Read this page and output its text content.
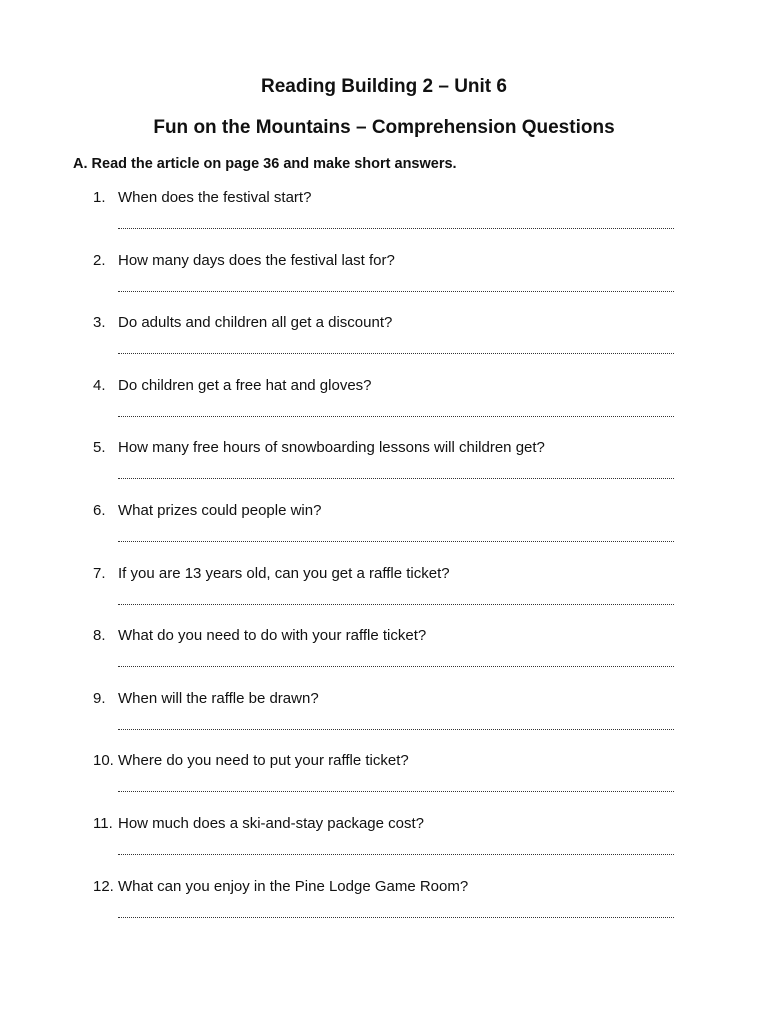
Reading Building 2 – Unit 6
Fun on the Mountains – Comprehension Questions

A. Read the article on page 36 and make short answers.

1. When does the festival start?
2. How many days does the festival last for?
3. Do adults and children all get a discount?
4. Do children get a free hat and gloves?
5. How many free hours of snowboarding lessons will children get?
6. What prizes could people win?
7. If you are 13 years old, can you get a raffle ticket?
8. What do you need to do with your raffle ticket?
9. When will the raffle be drawn?
10. Where do you need to put your raffle ticket?
11. How much does a ski-and-stay package cost?
12. What can you enjoy in the Pine Lodge Game Room?
